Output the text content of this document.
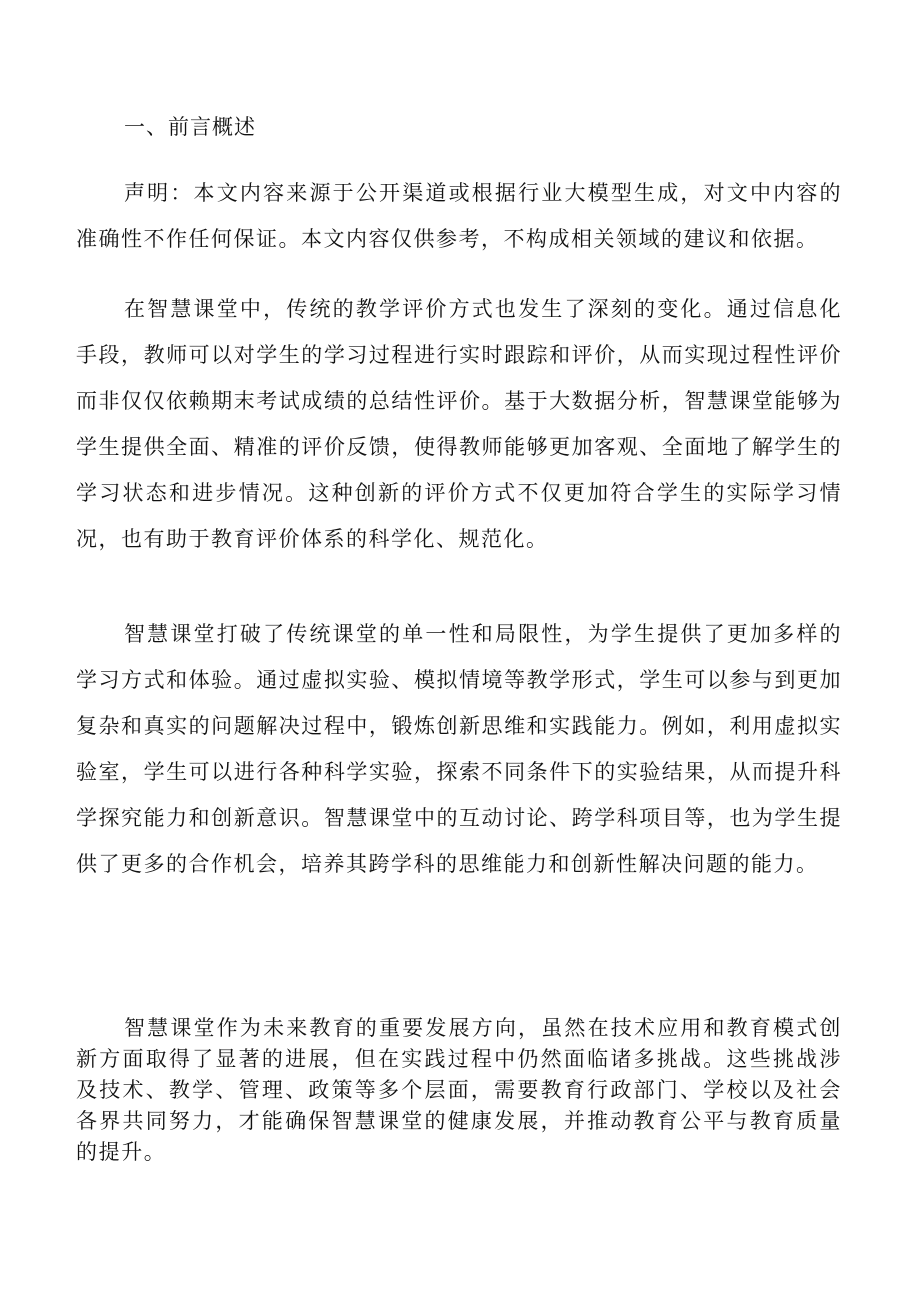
一、前言概述

声明：本文内容来源于公开渠道或根据行业大模型生成，对文中内容的准确性不作任何保证。本文内容仅供参考，不构成相关领域的建议和依据。

在智慧课堂中，传统的教学评价方式也发生了深刻的变化。通过信息化手段，教师可以对学生的学习过程进行实时跟踪和评价，从而实现过程性评价而非仅仅依赖期末考试成绩的总结性评价。基于大数据分析，智慧课堂能够为学生提供全面、精准的评价反馈，使得教师能够更加客观、全面地了解学生的学习状态和进步情况。这种创新的评价方式不仅更加符合学生的实际学习情况，也有助于教育评价体系的科学化、规范化。

智慧课堂打破了传统课堂的单一性和局限性，为学生提供了更加多样的学习方式和体验。通过虚拟实验、模拟情境等教学形式，学生可以参与到更加复杂和真实的问题解决过程中，锻炼创新思维和实践能力。例如，利用虚拟实验室，学生可以进行各种科学实验，探索不同条件下的实验结果，从而提升科学探究能力和创新意识。智慧课堂中的互动讨论、跨学科项目等，也为学生提供了更多的合作机会，培养其跨学科的思维能力和创新性解决问题的能力。

智慧课堂作为未来教育的重要发展方向，虽然在技术应用和教育模式创新方面取得了显著的进展，但在实践过程中仍然面临诸多挑战。这些挑战涉及技术、教学、管理、政策等多个层面，需要教育行政部门、学校以及社会各界共同努力，才能确保智慧课堂的健康发展，并推动教育公平与教育质量的提升。
